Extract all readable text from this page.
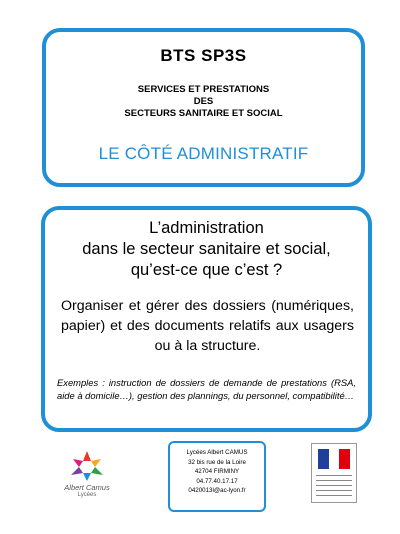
BTS SP3S
SERVICES ET PRESTATIONS
DES
SECTEURS SANITAIRE ET SOCIAL
LE CÔTÉ ADMINISTRATIF
L’administration
dans le secteur sanitaire et social,
qu’est-ce que c’est ?
Organiser et gérer des dossiers (numériques, papier) et des documents relatifs aux usagers ou à la structure.
Exemples : instruction de dossiers de demande de prestations (RSA, aide à domicile…), gestion des plannings, du personnel, compatibilité…
Albert Camus
Lycées
Lycées Albert CAMUS
32 bis rue de la Loire
42704 FIRMINY
04.77.40.17.17
0420013l@ac-lyon.fr
